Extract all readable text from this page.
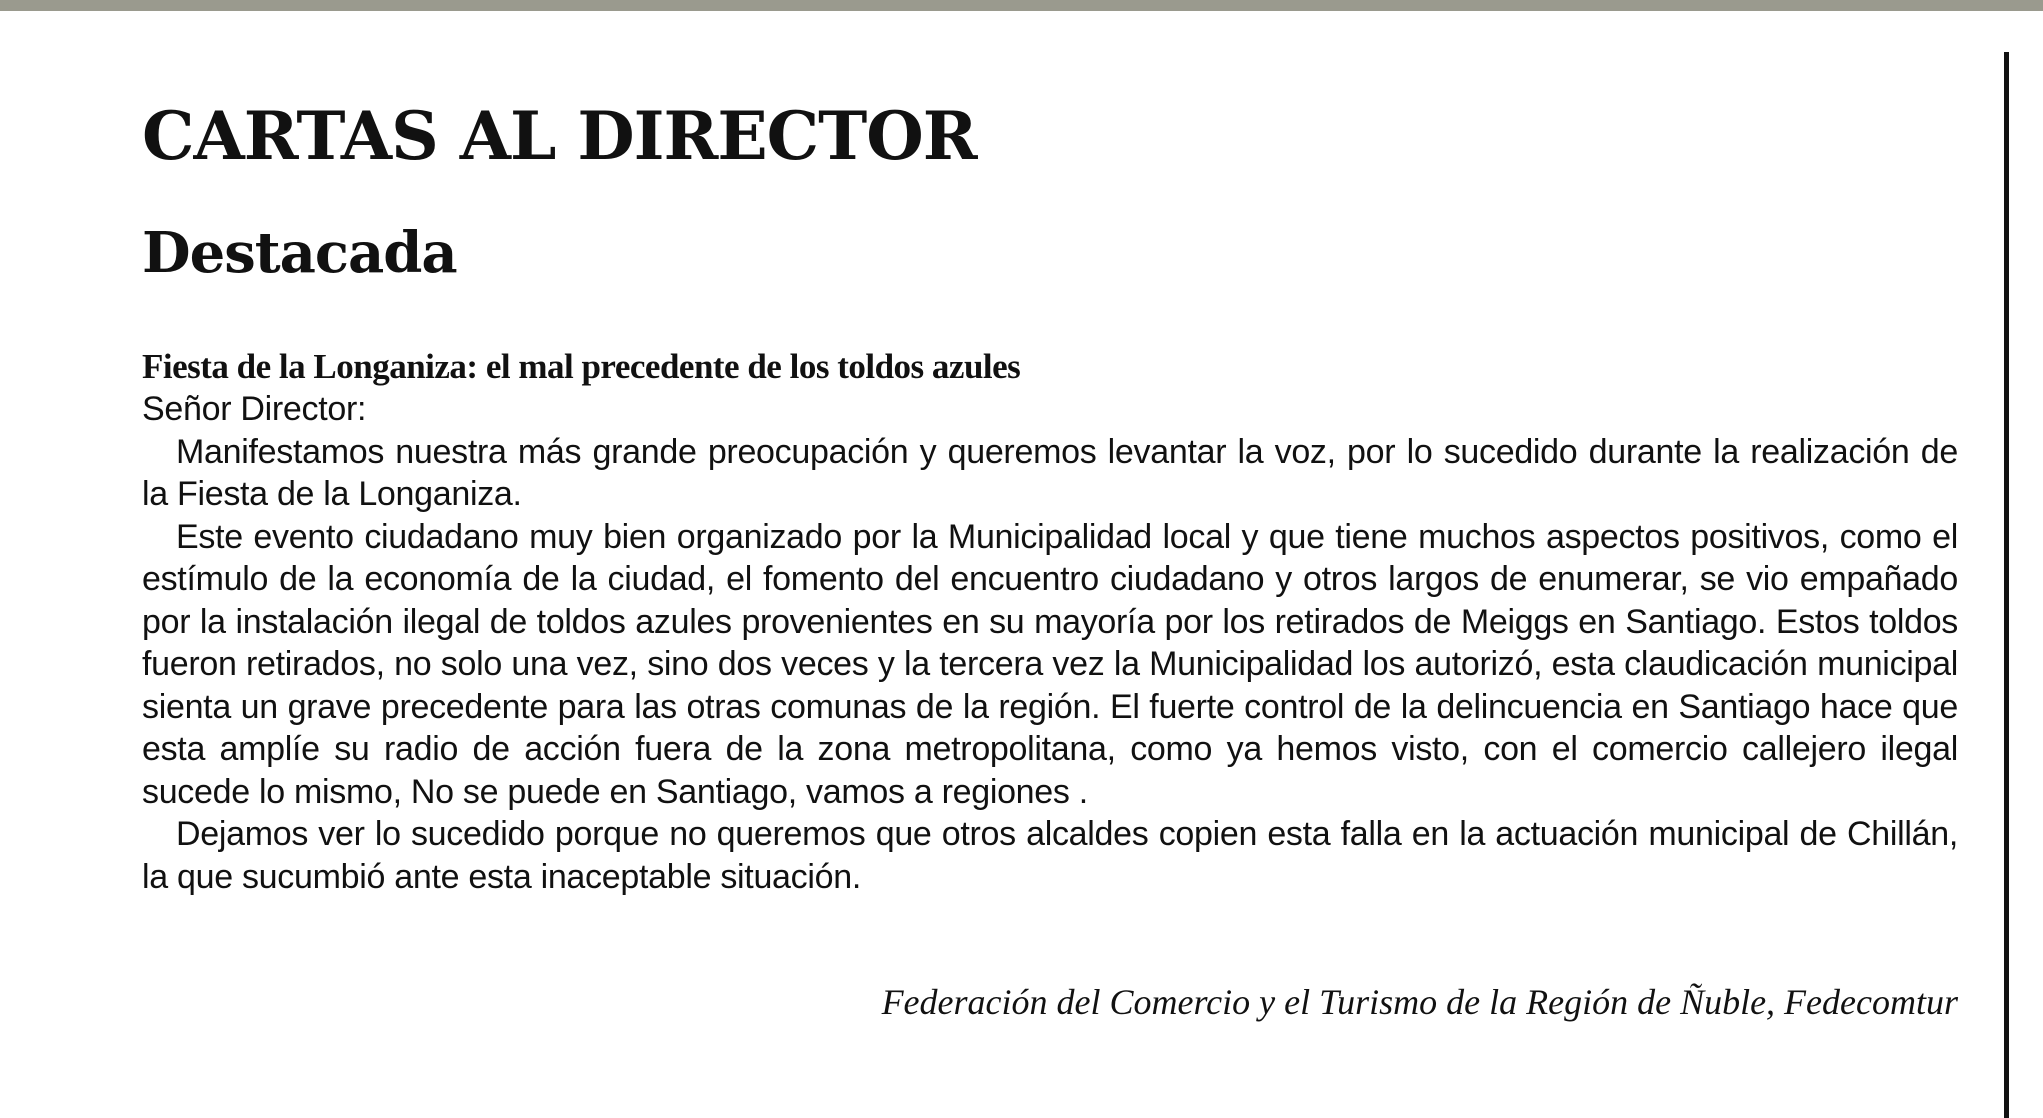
CARTAS AL DIRECTOR
Destacada
Fiesta de la Longaniza: el mal precedente de los toldos azules

Señor Director:

Manifestamos nuestra más grande preocupación y queremos levantar la voz, por lo sucedido durante la realización de la Fiesta de la Longaniza.

Este evento ciudadano muy bien organizado por la Municipalidad local y que tiene muchos aspectos positivos, como el estímulo de la economía de la ciudad, el fomento del encuentro ciudadano y otros largos de enumerar, se vio empañado por la instalación ilegal de toldos azules provenientes en su mayoría por los retirados de Meiggs en Santiago. Estos toldos fueron retirados, no solo una vez, sino dos veces y la tercera vez la Municipalidad los autorizó, esta claudicación municipal sienta un grave precedente para las otras comunas de la región. El fuerte control de la delincuencia en Santiago hace que esta amplíe su radio de acción fuera de la zona metropolitana, como ya hemos visto, con el comercio callejero ilegal sucede lo mismo, No se puede en Santiago, vamos a regiones .

Dejamos ver lo sucedido porque no queremos que otros alcaldes copien esta falla en la actuación municipal de Chillán, la que sucumbió ante esta inaceptable situación.

Federación del Comercio y el Turismo de la Región de Ñuble, Fedecomtur
